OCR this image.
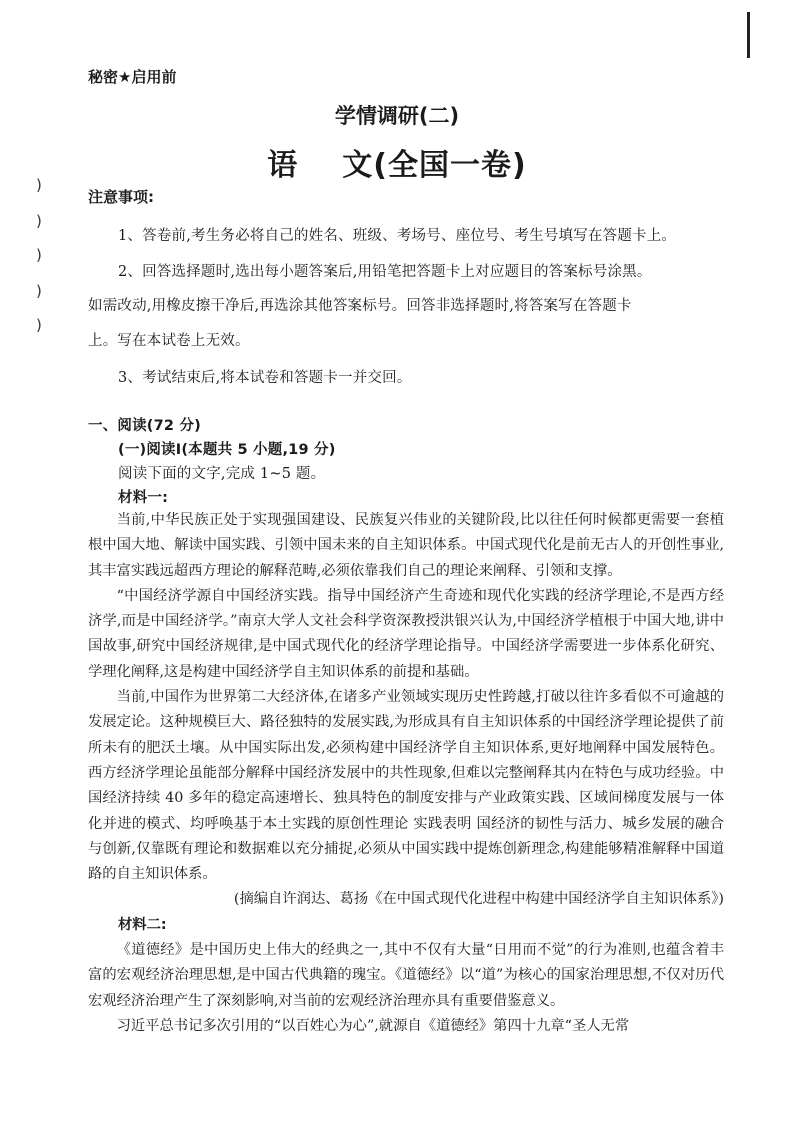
)
)
)
)
)
秘密★启用前
学情调研(二)
语 文(全国一卷)
注意事项:
1、答卷前,考生务必将自己的姓名、班级、考场号、座位号、考生号填写在答题卡上。
2、回答选择题时,选出每小题答案后,用铅笔把答题卡上对应题目的答案标号涂黑。
如需改动,用橡皮擦干净后,再选涂其他答案标号。回答非选择题时,将答案写在答题卡
上。写在本试卷上无效。
3、考试结束后,将本试卷和答题卡一并交回。
一、阅读(72 分)
(一)阅读Ⅰ(本题共 5 小题,19 分)
阅读下面的文字,完成 1~5 题。
材料一:

当前,中华民族正处于实现强国建设、民族复兴伟业的关键阶段,比以往任何时候都更需要一套植根中国大地、解读中国实践、引领中国未来的自主知识体系。中国式现代化是前无古人的开创性事业,其丰富实践远超西方理论的解释范畴,必须依靠我们自己的理论来阐释、引领和支撑。

“中国经济学源自中国经济实践。指导中国经济产生奇迹和现代化实践的经济学理论,不是西方经济学,而是中国经济学。”南京大学人文社会科学资深教授洪银兴认为,中国经济学植根于中国大地,讲中国故事,研究中国经济规律,是中国式现代化的经济学理论指导。中国经济学需要进一步体系化研究、学理化阐释,这是构建中国经济学自主知识体系的前提和基础。

当前,中国作为世界第二大经济体,在诸多产业领域实现历史性跨越,打破以往许多看似不可逾越的发展定论。这种规模巨大、路径独特的发展实践,为形成具有自主知识体系的中国经济学理论提供了前所未有的肥沃土壤。从中国实际出发,必须构建中国经济学自主知识体系,更好地阐释中国发展特色。西方经济学理论虽能部分解释中国经济发展中的共性现象,但难以完整阐释其内在特色与成功经验。中国经济持续 40 多年的稳定高速增长、独具特色的制度安排与产业政策实践、区域间梯度发展与一体化并进的模式、均呼唤基于本土实践的原创性理论 实践表明 国经济的韧性与活力、城乡发展的融合与创新,仅靠既有理论和数据难以充分捕捉,必须从中国实践中提炼创新理念,构建能够精准解释中国道路的自主知识体系。

(摘编自许润达、葛扬《在中国式现代化进程中构建中国经济学自主知识体系》)

材料二:

《道德经》是中国历史上伟大的经典之一,其中不仅有大量“日用而不觉”的行为准则,也蕴含着丰富的宏观经济治理思想,是中国古代典籍的瑰宝。《道德经》以“道”为核心的国家治理思想,不仅对历代宏观经济治理产生了深刻影响,对当前的宏观经济治理亦具有重要借鉴意义。

习近平总书记多次引用的“以百姓心为心”,就源自《道德经》第四十九章“圣人无常
